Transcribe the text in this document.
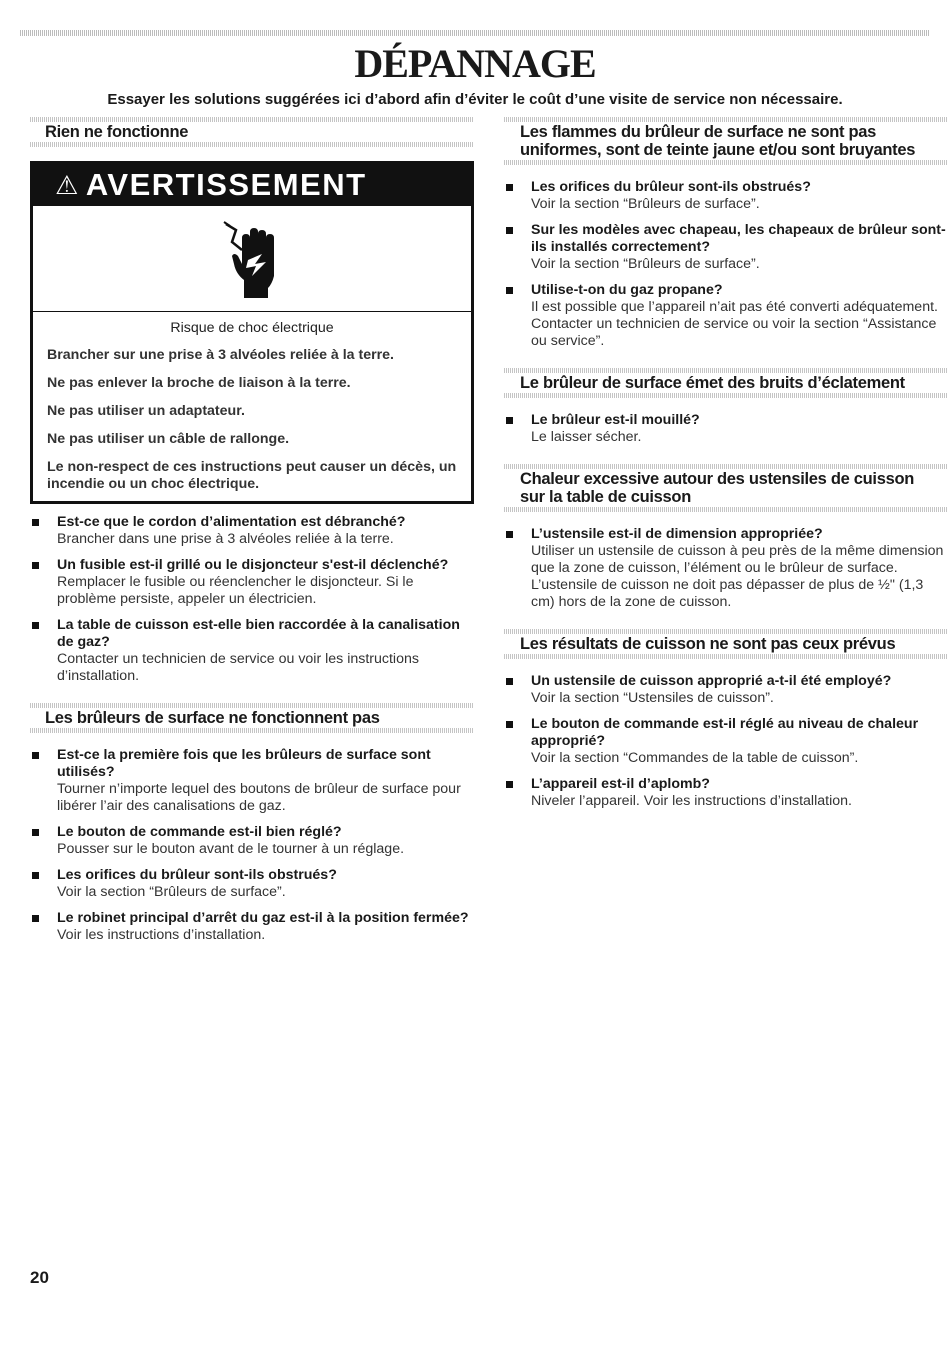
DÉPANNAGE

Essayer les solutions suggérées ici d’abord afin d’éviter le coût d’une visite de service non nécessaire.

Rien ne fonctionne
⚠ AVERTISSEMENT

Risque de choc électrique

Brancher sur une prise à 3 alvéoles reliée à la terre.

Ne pas enlever la broche de liaison à la terre.

Ne pas utiliser un adaptateur.

Ne pas utiliser un câble de rallonge.

Le non-respect de ces instructions peut causer un décès, un incendie ou un choc électrique.

Est-ce que le cordon d’alimentation est débranché?

Brancher dans une prise à 3 alvéoles reliée à la terre.

Un fusible est-il grillé ou le disjoncteur s'est-il déclenché?

Remplacer le fusible ou réenclencher le disjoncteur. Si le problème persiste, appeler un électricien.

La table de cuisson est-elle bien raccordée à la canalisation de gaz?

Contacter un technicien de service ou voir les instructions d’installation.

Les brûleurs de surface ne fonctionnent pas

Est-ce la première fois que les brûleurs de surface sont utilisés?

Tourner n’importe lequel des boutons de brûleur de surface pour libérer l’air des canalisations de gaz.

Le bouton de commande est-il bien réglé?

Pousser sur le bouton avant de le tourner à un réglage.

Les orifices du brûleur sont-ils obstrués?

Voir la section “Brûleurs de surface”.

Le robinet principal d’arrêt du gaz est-il à la position fermée?

Voir les instructions d’installation.

Les flammes du brûleur de surface ne sont pas uniformes, sont de teinte jaune et/ou sont bruyantes

Les orifices du brûleur sont-ils obstrués?

Voir la section “Brûleurs de surface”.

Sur les modèles avec chapeau, les chapeaux de brûleur sont-ils installés correctement?

Voir la section “Brûleurs de surface”.

Utilise-t-on du gaz propane?

Il est possible que l’appareil n’ait pas été converti adéquatement. Contacter un technicien de service ou voir la section “Assistance ou service”.

Le brûleur de surface émet des bruits d’éclatement

Le brûleur est-il mouillé?

Le laisser sécher.

Chaleur excessive autour des ustensiles de cuisson sur la table de cuisson

L’ustensile est-il de dimension appropriée?

Utiliser un ustensile de cuisson à peu près de la même dimension que la zone de cuisson, l’élément ou le brûleur de surface. L’ustensile de cuisson ne doit pas dépasser de plus de ½" (1,3 cm) hors de la zone de cuisson.

Les résultats de cuisson ne sont pas ceux prévus

Un ustensile de cuisson approprié a-t-il été employé?

Voir la section “Ustensiles de cuisson”.

Le bouton de commande est-il réglé au niveau de chaleur approprié?

Voir la section “Commandes de la table de cuisson”.

L’appareil est-il d’aplomb?

Niveler l’appareil. Voir les instructions d’installation.

20
